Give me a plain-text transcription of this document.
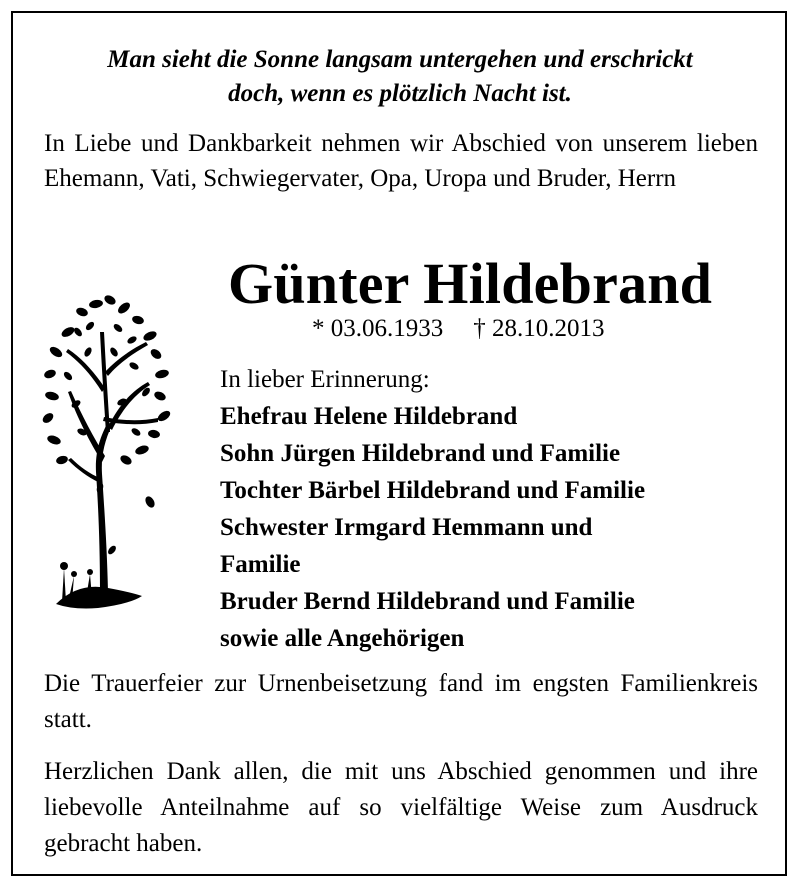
Man sieht die Sonne langsam untergehen und erschrickt
doch, wenn es plötzlich Nacht ist.
In Liebe und Dankbarkeit nehmen wir Abschied von unserem lieben Ehemann, Vati, Schwiegervater, Opa, Uropa und Bruder, Herrn
Günter Hildebrand
* 03.06.1933 † 28.10.2013
In lieber Erinnerung:
Ehefrau Helene Hildebrand
Sohn Jürgen Hildebrand und Familie
Tochter Bärbel Hildebrand und Familie
Schwester Irmgard Hemmann und
Familie
Bruder Bernd Hildebrand und Familie
sowie alle Angehörigen
Die Trauerfeier zur Urnenbeisetzung fand im engsten Familienkreis statt.
Herzlichen Dank allen, die mit uns Abschied genommen und ihre liebevolle Anteilnahme auf so vielfältige Weise zum Ausdruck gebracht haben.
